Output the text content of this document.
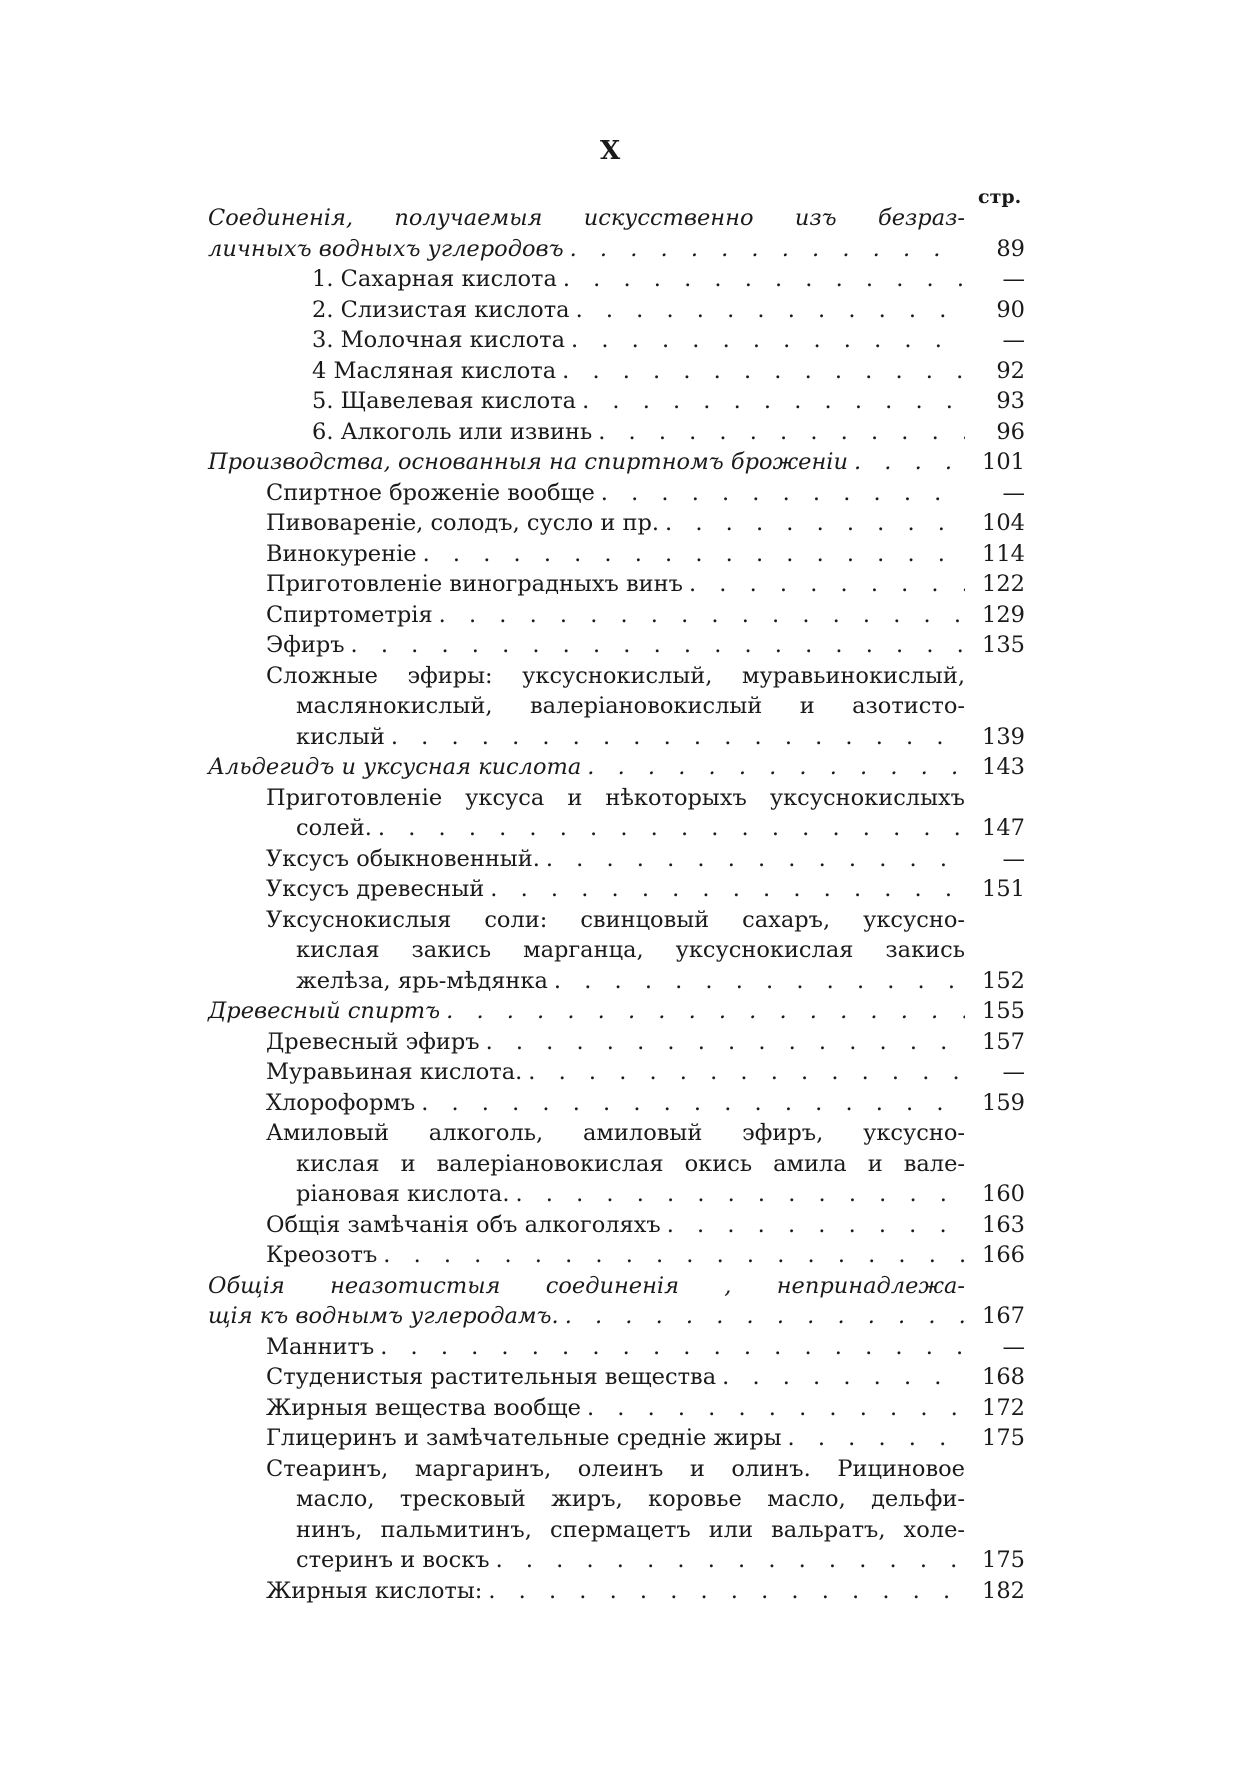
X
стр.
Соединенія, получаемыя искусственно изъ безраз-
личныхъ водныхъ углеродовъ . . .	89
1. Сахарная кислота . . .	—
2. Слизистая кислота . . .	90
3. Молочная кислота . . .	—
4 Масляная кислота . . .	92
5. Щавелевая кислота . . .	93
6. Алкоголь или извинь . . .	96
Производства, основанныя на спиртномъ броженіи . . .	101
Спиртное броженіе вообще . . .	—
Пивовареніе, солодъ, сусло и пр. . . .	104
Винокуреніе . . .	114
Приготовленіе виноградныхъ винъ . . .	122
Спиртометрія . . .	129
Эфиръ . . .	135
Сложные эфиры: уксуснокислый, муравьинокислый,
маслянокислый, валеріановокислый и азотисто-
кислый . . .	139
Альдегидъ и уксусная кислота . . .	143
Приготовленіе уксуса и нѣкоторыхъ уксуснокислыхъ
солей. . . .	147
Уксусъ обыкновенный. . . .	—
Уксусъ древесный . . .	151
Уксуснокислыя соли: свинцовый сахаръ, уксусно-
кислая закись марганца, уксуснокислая закись
желѣза, ярь-мѣдянка . . .	152
Древесный спиртъ . . .	155
Древесный эфиръ . . .	157
Муравьиная кислота. . . .	—
Хлороформъ . . .	159
Амиловый алкоголь, амиловый эфиръ, уксусно-
кислая и валеріановокислая окись амила и вале-
ріановая кислота. . . .	160
Общія замѣчанія объ алкоголяхъ . . .	163
Креозотъ . . .	166
Общія неазотистыя соединенія , непринадлежа-
щія къ воднымъ углеродамъ. . . .	167
Маннитъ . . .	—
Студенистыя растительныя вещества . . .	168
Жирныя вещества вообще . . .	172
Глицеринъ и замѣчательные средніе жиры . . .	175
Стеаринъ, маргаринъ, олеинъ и олинъ. Рициновое
масло, тресковый жиръ, коровье масло, дельфи-
нинъ, пальмитинъ, спермацетъ или вальратъ, холе-
стеринъ и воскъ . . .	175
Жирныя кислоты: . . .	182
